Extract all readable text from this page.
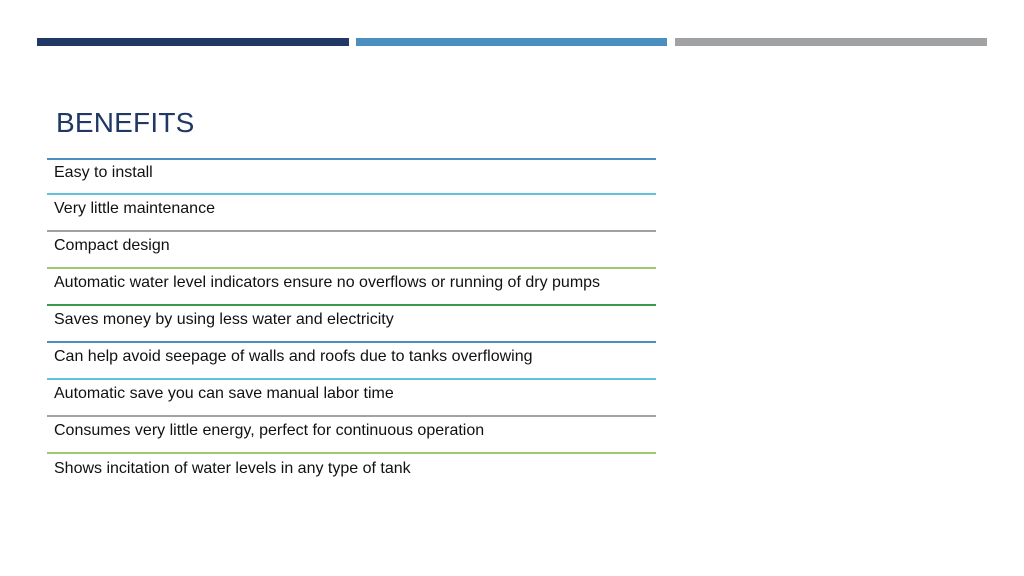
BENEFITS
Easy to install
Very little maintenance
Compact design
Automatic water level indicators ensure no overflows or running of dry pumps
Saves money by using less water and electricity
Can help avoid seepage of walls and roofs due to tanks overflowing
Automatic save you can save manual labor time
Consumes very little energy, perfect for continuous operation
Shows incitation of water levels in any type of tank
